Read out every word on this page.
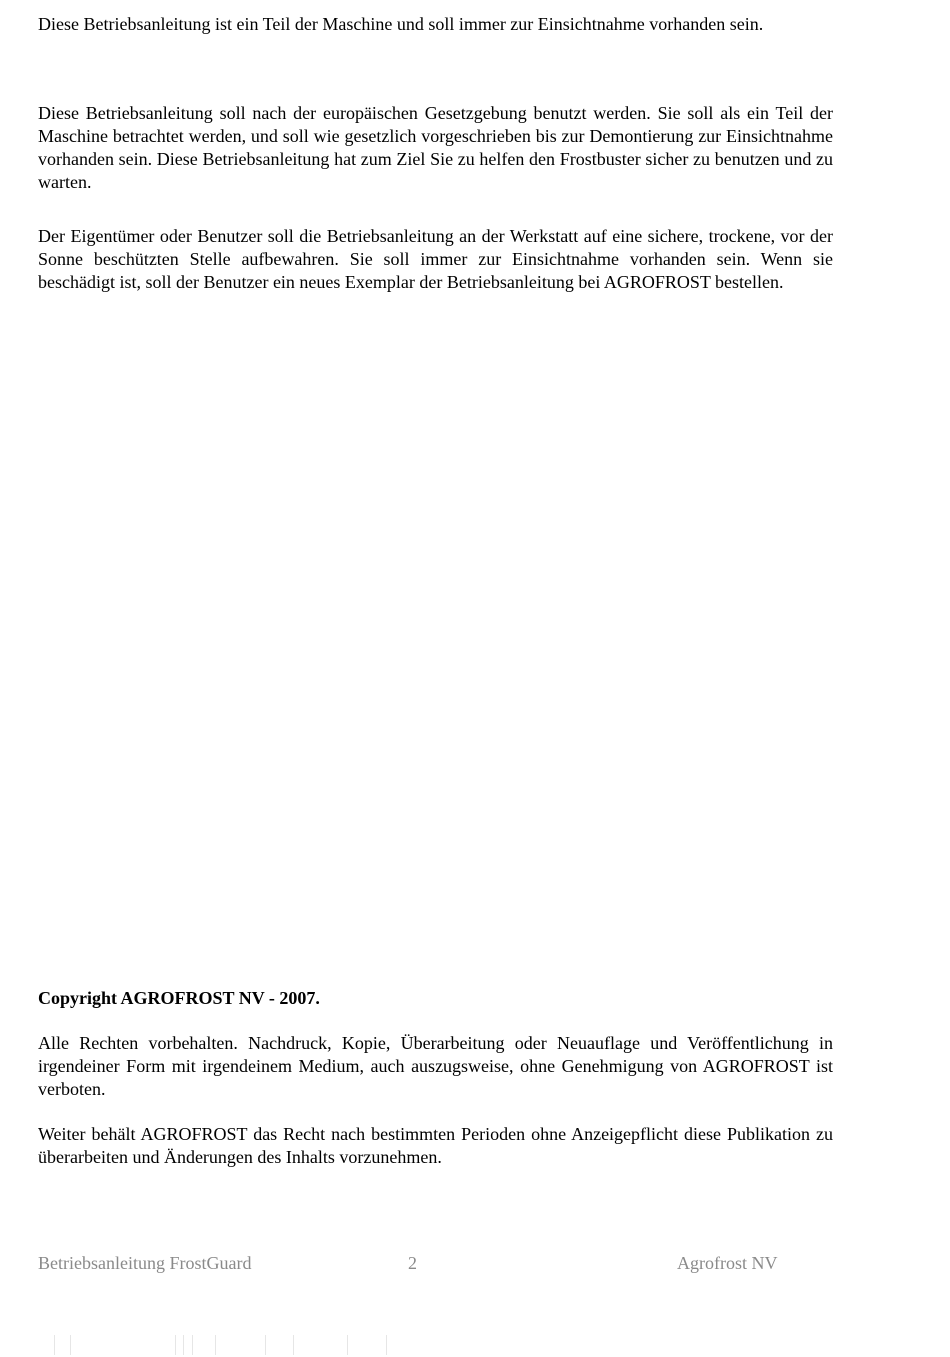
Diese Betriebsanleitung ist ein Teil der Maschine und soll immer zur Einsichtnahme vorhanden sein.

Diese Betriebsanleitung soll nach der europäischen Gesetzgebung benutzt werden. Sie soll als ein Teil der Maschine betrachtet werden, und soll wie gesetzlich vorgeschrieben bis zur Demontierung zur Einsichtnahme vorhanden sein. Diese Betriebsanleitung hat zum Ziel Sie zu helfen den Frostbuster sicher zu benutzen und zu warten.

Der Eigentümer oder Benutzer soll die Betriebsanleitung an der Werkstatt auf eine sichere, trockene, vor der Sonne beschützten Stelle aufbewahren. Sie soll immer zur Einsichtnahme vorhanden sein. Wenn sie beschädigt ist, soll der Benutzer ein neues Exemplar der Betriebsanleitung bei AGROFROST bestellen.

Copyright AGROFROST NV - 2007.

Alle Rechten vorbehalten. Nachdruck, Kopie, Überarbeitung oder Neuauflage und Veröffentlichung in irgendeiner Form mit irgendeinem Medium, auch auszugsweise, ohne Genehmigung von AGROFROST ist verboten.

Weiter behält AGROFROST das Recht nach bestimmten Perioden ohne Anzeigepflicht diese Publikation zu überarbeiten und Änderungen des Inhalts vorzunehmen.

Betriebsanleitung FrostGuard	2	Agrofrost NV
